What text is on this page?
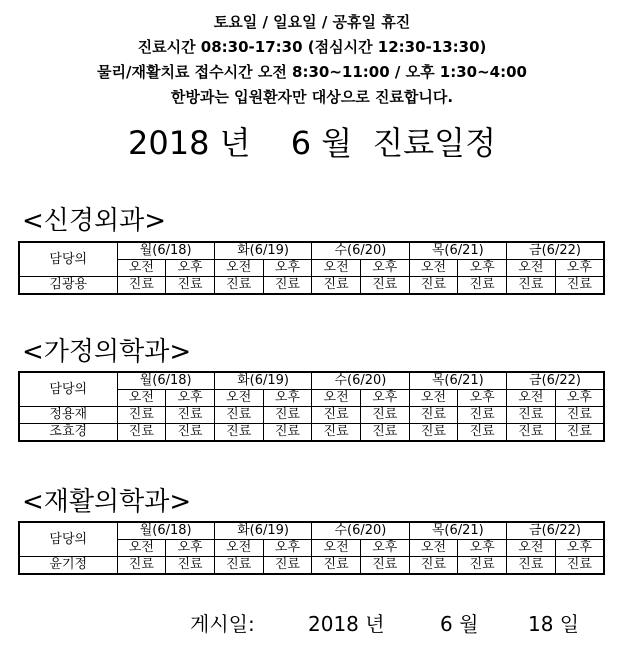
토요일 / 일요일 / 공휴일 휴진
진료시간 08:30-17:30 (점심시간 12:30-13:30)
물리/재활치료 접수시간 오전 8:30~11:00 / 오후 1:30~4:00
한방과는 입원환자만 대상으로 진료합니다.
2018 년 6 월 진료일정
<신경외과>
담당의	월(6/18)		화(6/19)		수(6/20)		목(6/21)		금(6/22)	
	오전	오후	오전	오후	오전	오후	오전	오후	오전	오후
김광용	진료	진료	진료	진료	진료	진료	진료	진료	진료	진료
<가정의학과>
담당의	월(6/18)		화(6/19)		수(6/20)		목(6/21)		금(6/22)	
	오전	오후	오전	오후	오전	오후	오전	오후	오전	오후
정용재	진료	진료	진료	진료	진료	진료	진료	진료	진료	진료
조효경	진료	진료	진료	진료	진료	진료	진료	진료	진료	진료
<재활의학과>
담당의	월(6/18)		화(6/19)		수(6/20)		목(6/21)		금(6/22)	
	오전	오후	오전	오후	오전	오후	오전	오후	오전	오후
윤기정	진료	진료	진료	진료	진료	진료	진료	진료	진료	진료
게시일:	2018 년	6 월 18 일
